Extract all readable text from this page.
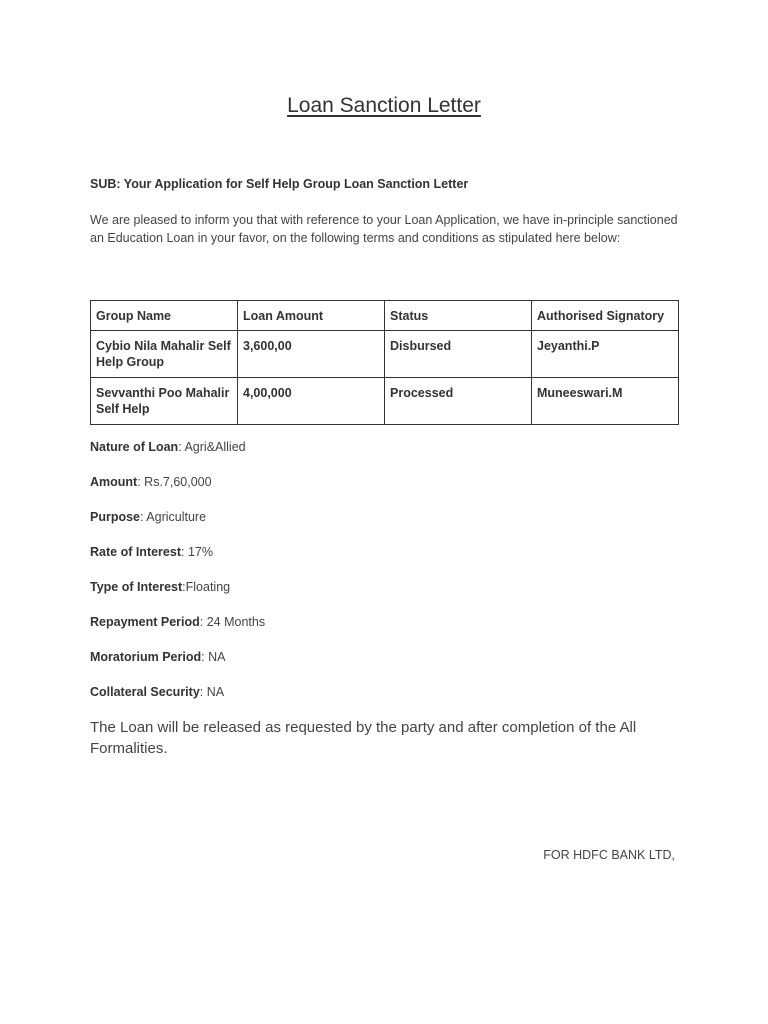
Loan Sanction Letter

SUB: Your Application for Self Help Group Loan Sanction Letter

We are pleased to inform you that with reference to your Loan Application, we have in-principle sanctioned an Education Loan in your favor, on the following terms and conditions as stipulated here below:

Group Name	Loan Amount	Status	Authorised Signatory
Cybio Nila Mahalir Self Help Group	3,600,00	Disbursed	Jeyanthi.P
Sevvanthi Poo Mahalir Self Help	4,00,000	Processed	Muneeswari.M
Nature of Loan: Agri&Allied
Amount: Rs.7,60,000
Purpose: Agriculture
Rate of Interest: 17%
Type of Interest:Floating
Repayment Period: 24 Months
Moratorium Period: NA
Collateral Security: NA

The Loan will be released as requested by the party and after completion of the All Formalities.

FOR HDFC BANK LTD,
